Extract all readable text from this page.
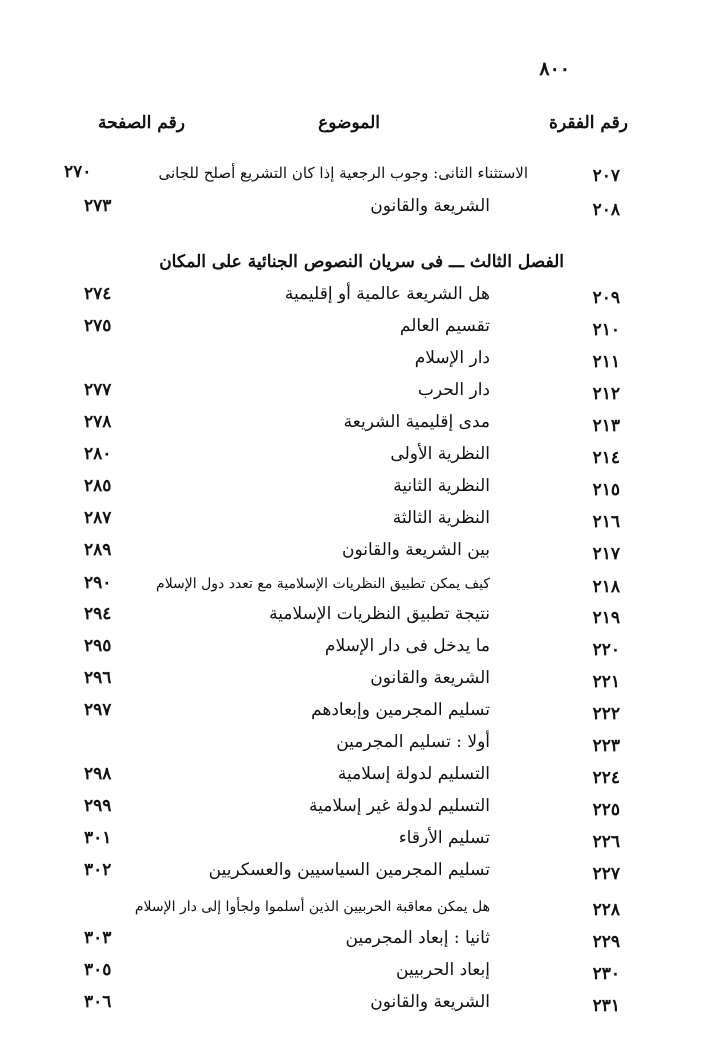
٨٠٠
رقم الفقرة
الموضوع
رقم الصفحة
٢٠٧
الاستثناء الثانى: وجوب الرجعية إذا كان التشريع أصلح للجانى
٢٧٠
٢٠٨
الشريعة والقانون
٢٧٣
الفصل الثالث ـــ فى سريان النصوص الجنائية على المكان
٢٠٩
هل الشريعة عالمية أو إقليمية
٢٧٤
٢١٠
تقسيم العالم
٢٧٥
٢١١
دار الإسلام
٢١٢
دار الحرب
٢٧٧
٢١٣
مدى إقليمية الشريعة
٢٧٨
٢١٤
النظرية الأولى
٢٨٠
٢١٥
النظرية الثانية
٢٨٥
٢١٦
النظرية الثالثة
٢٨٧
٢١٧
بين الشريعة والقانون
٢٨٩
٢١٨
كيف يمكن تطبيق النظريات الإسلامية مع تعدد دول الإسلام
٢٩٠
٢١٩
نتيجة تطبيق النظريات الإسلامية
٢٩٤
٢٢٠
ما يدخل فى دار الإسلام
٢٩٥
٢٢١
الشريعة والقانون
٢٩٦
٢٢٢
تسليم المجرمين وإبعادهم
٢٩٧
٢٢٣
أولا : تسليم المجرمين
٢٢٤
التسليم لدولة إسلامية
٢٩٨
٢٢٥
التسليم لدولة غير إسلامية
٢٩٩
٢٢٦
تسليم الأرقاء
٣٠١
٢٢٧
تسليم المجرمين السياسيين والعسكريين
٣٠٢
٢٢٨
هل يمكن معاقبة الحربيين الذين أسلموا ولجأوا إلى دار الإسلام
٢٢٩
ثانيا : إبعاد المجرمين
٣٠٣
٢٣٠
إبعاد الحربيين
٣٠٥
٢٣١
الشريعة والقانون
٣٠٦
